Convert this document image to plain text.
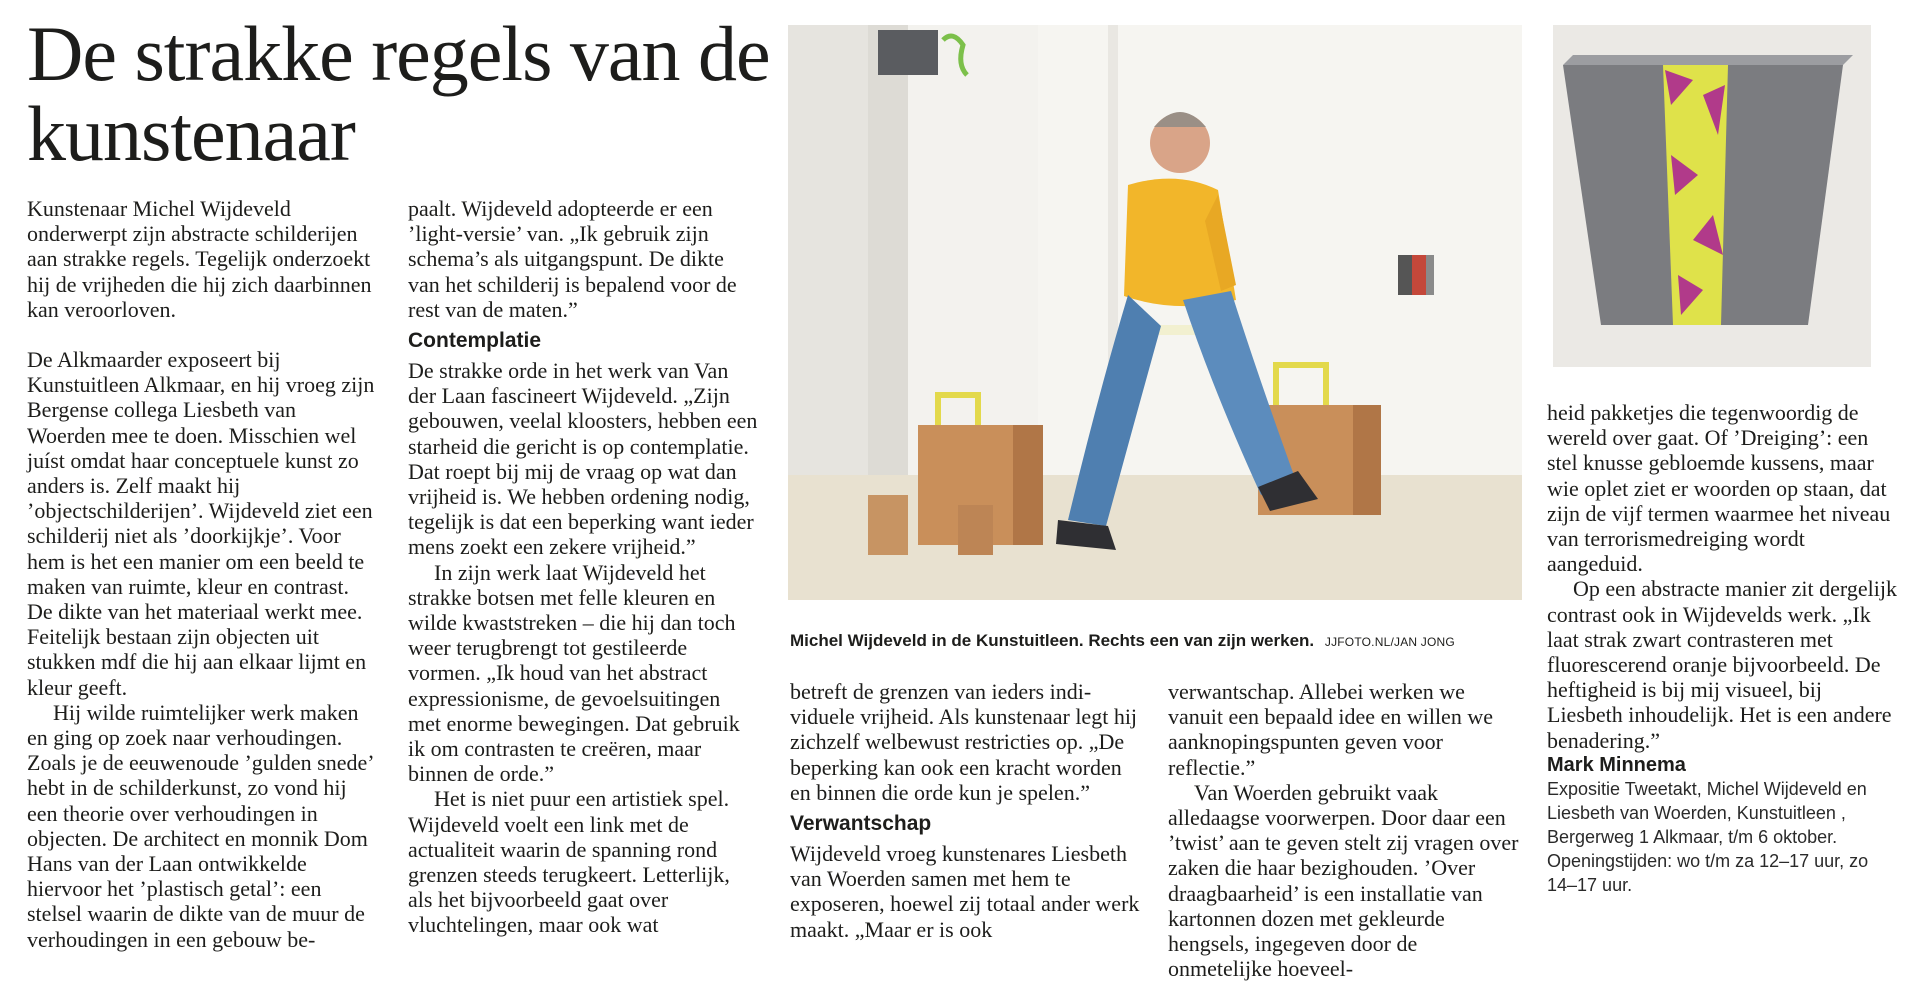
De strakke regels van de kunstenaar

Kunstenaar Michel Wijdeveld onderwerpt zijn abstracte schilderijen aan strakke regels. Tegelijk onderzoekt hij de vrijheden die hij zich daarbinnen kan veroorloven.

De Alkmaarder exposeert bij Kunstuitleen Alkmaar, en hij vroeg zijn Bergense collega Liesbeth van Woerden mee te doen. Misschien wel juíst omdat haar conceptuele kunst zo anders is. Zelf maakt hij ’objectschilderijen’. Wijdeveld ziet een schilderij niet als ’doorkijkje’. Voor hem is het een manier om een beeld te maken van ruimte, kleur en contrast. De dikte van het materiaal werkt mee. Feitelijk bestaan zijn objecten uit stukken mdf die hij aan elkaar lijmt en kleur geeft.

Hij wilde ruimtelijker werk maken en ging op zoek naar verhoudingen. Zoals je de eeuwenoude ’gulden snede’ hebt in de schilderkunst, zo vond hij een theorie over verhoudingen in objecten. De architect en monnik Dom Hans van der Laan ontwikkelde hiervoor het ’plastisch getal’: een stelsel waarin de dikte van de muur de verhoudingen in een gebouw be-

paalt. Wijdeveld adopteerde er een ’light-versie’ van. „Ik gebruik zijn schema’s als uitgangspunt. De dikte van het schilderij is bepalend voor de rest van de maten.”

Contemplatie

De strakke orde in het werk van Van der Laan fascineert Wijdeveld. „Zijn gebouwen, veelal kloosters, hebben een starheid die gericht is op contemplatie. Dat roept bij mij de vraag op wat dan vrijheid is. We hebben ordening nodig, tegelijk is dat een beperking want ieder mens zoekt een zekere vrijheid.”

In zijn werk laat Wijdeveld het strakke botsen met felle kleuren en wilde kwaststreken – die hij dan toch weer terugbrengt tot gestileerde vormen. „Ik houd van het abstract expressionisme, de gevoelsuitingen met enorme bewegingen. Dat gebruik ik om contrasten te creëren, maar binnen de orde.”

Het is niet puur een artistiek spel. Wijdeveld voelt een link met de actualiteit waarin de spanning rond grenzen steeds terugkeert. Letterlijk, als het bijvoorbeeld gaat over vluchtelingen, maar ook wat

Michel Wijdeveld in de Kunstuitleen. Rechts een van zijn werken. JJFOTO.NL/JAN JONG

betreft de grenzen van ieders individuele vrijheid. Als kunstenaar legt hij zichzelf welbewust restricties op. „De beperking kan ook een kracht worden en binnen die orde kun je spelen.”

Verwantschap

Wijdeveld vroeg kunstenares Liesbeth van Woerden samen met hem te exposeren, hoewel zij totaal ander werk maakt. „Maar er is ook

verwantschap. Allebei werken we vanuit een bepaald idee en willen we aanknopingspunten geven voor reflectie.”

Van Woerden gebruikt vaak alledaagse voorwerpen. Door daar een ’twist’ aan te geven stelt zij vragen over zaken die haar bezighouden. ’Over draagbaarheid’ is een installatie van kartonnen dozen met gekleurde hengsels, ingegeven door de onmetelijke hoeveel-

heid pakketjes die tegenwoordig de wereld over gaat. Of ’Dreiging’: een stel knusse gebloemde kussens, maar wie oplet ziet er woorden op staan, dat zijn de vijf termen waarmee het niveau van terrorismedreiging wordt aangeduid.

Op een abstracte manier zit dergelijk contrast ook in Wijdevelds werk. „Ik laat strak zwart contrasteren met fluorescerend oranje bijvoorbeeld. De heftigheid is bij mij visueel, bij Liesbeth inhoudelijk. Het is een andere benadering.”

Mark Minnema

Expositie Tweetakt, Michel Wijdeveld en Liesbeth van Woerden, Kunstuitleen , Bergerweg 1 Alkmaar, t/m 6 oktober. Openingstijden: wo t/m za 12–17 uur, zo 14–17 uur.
